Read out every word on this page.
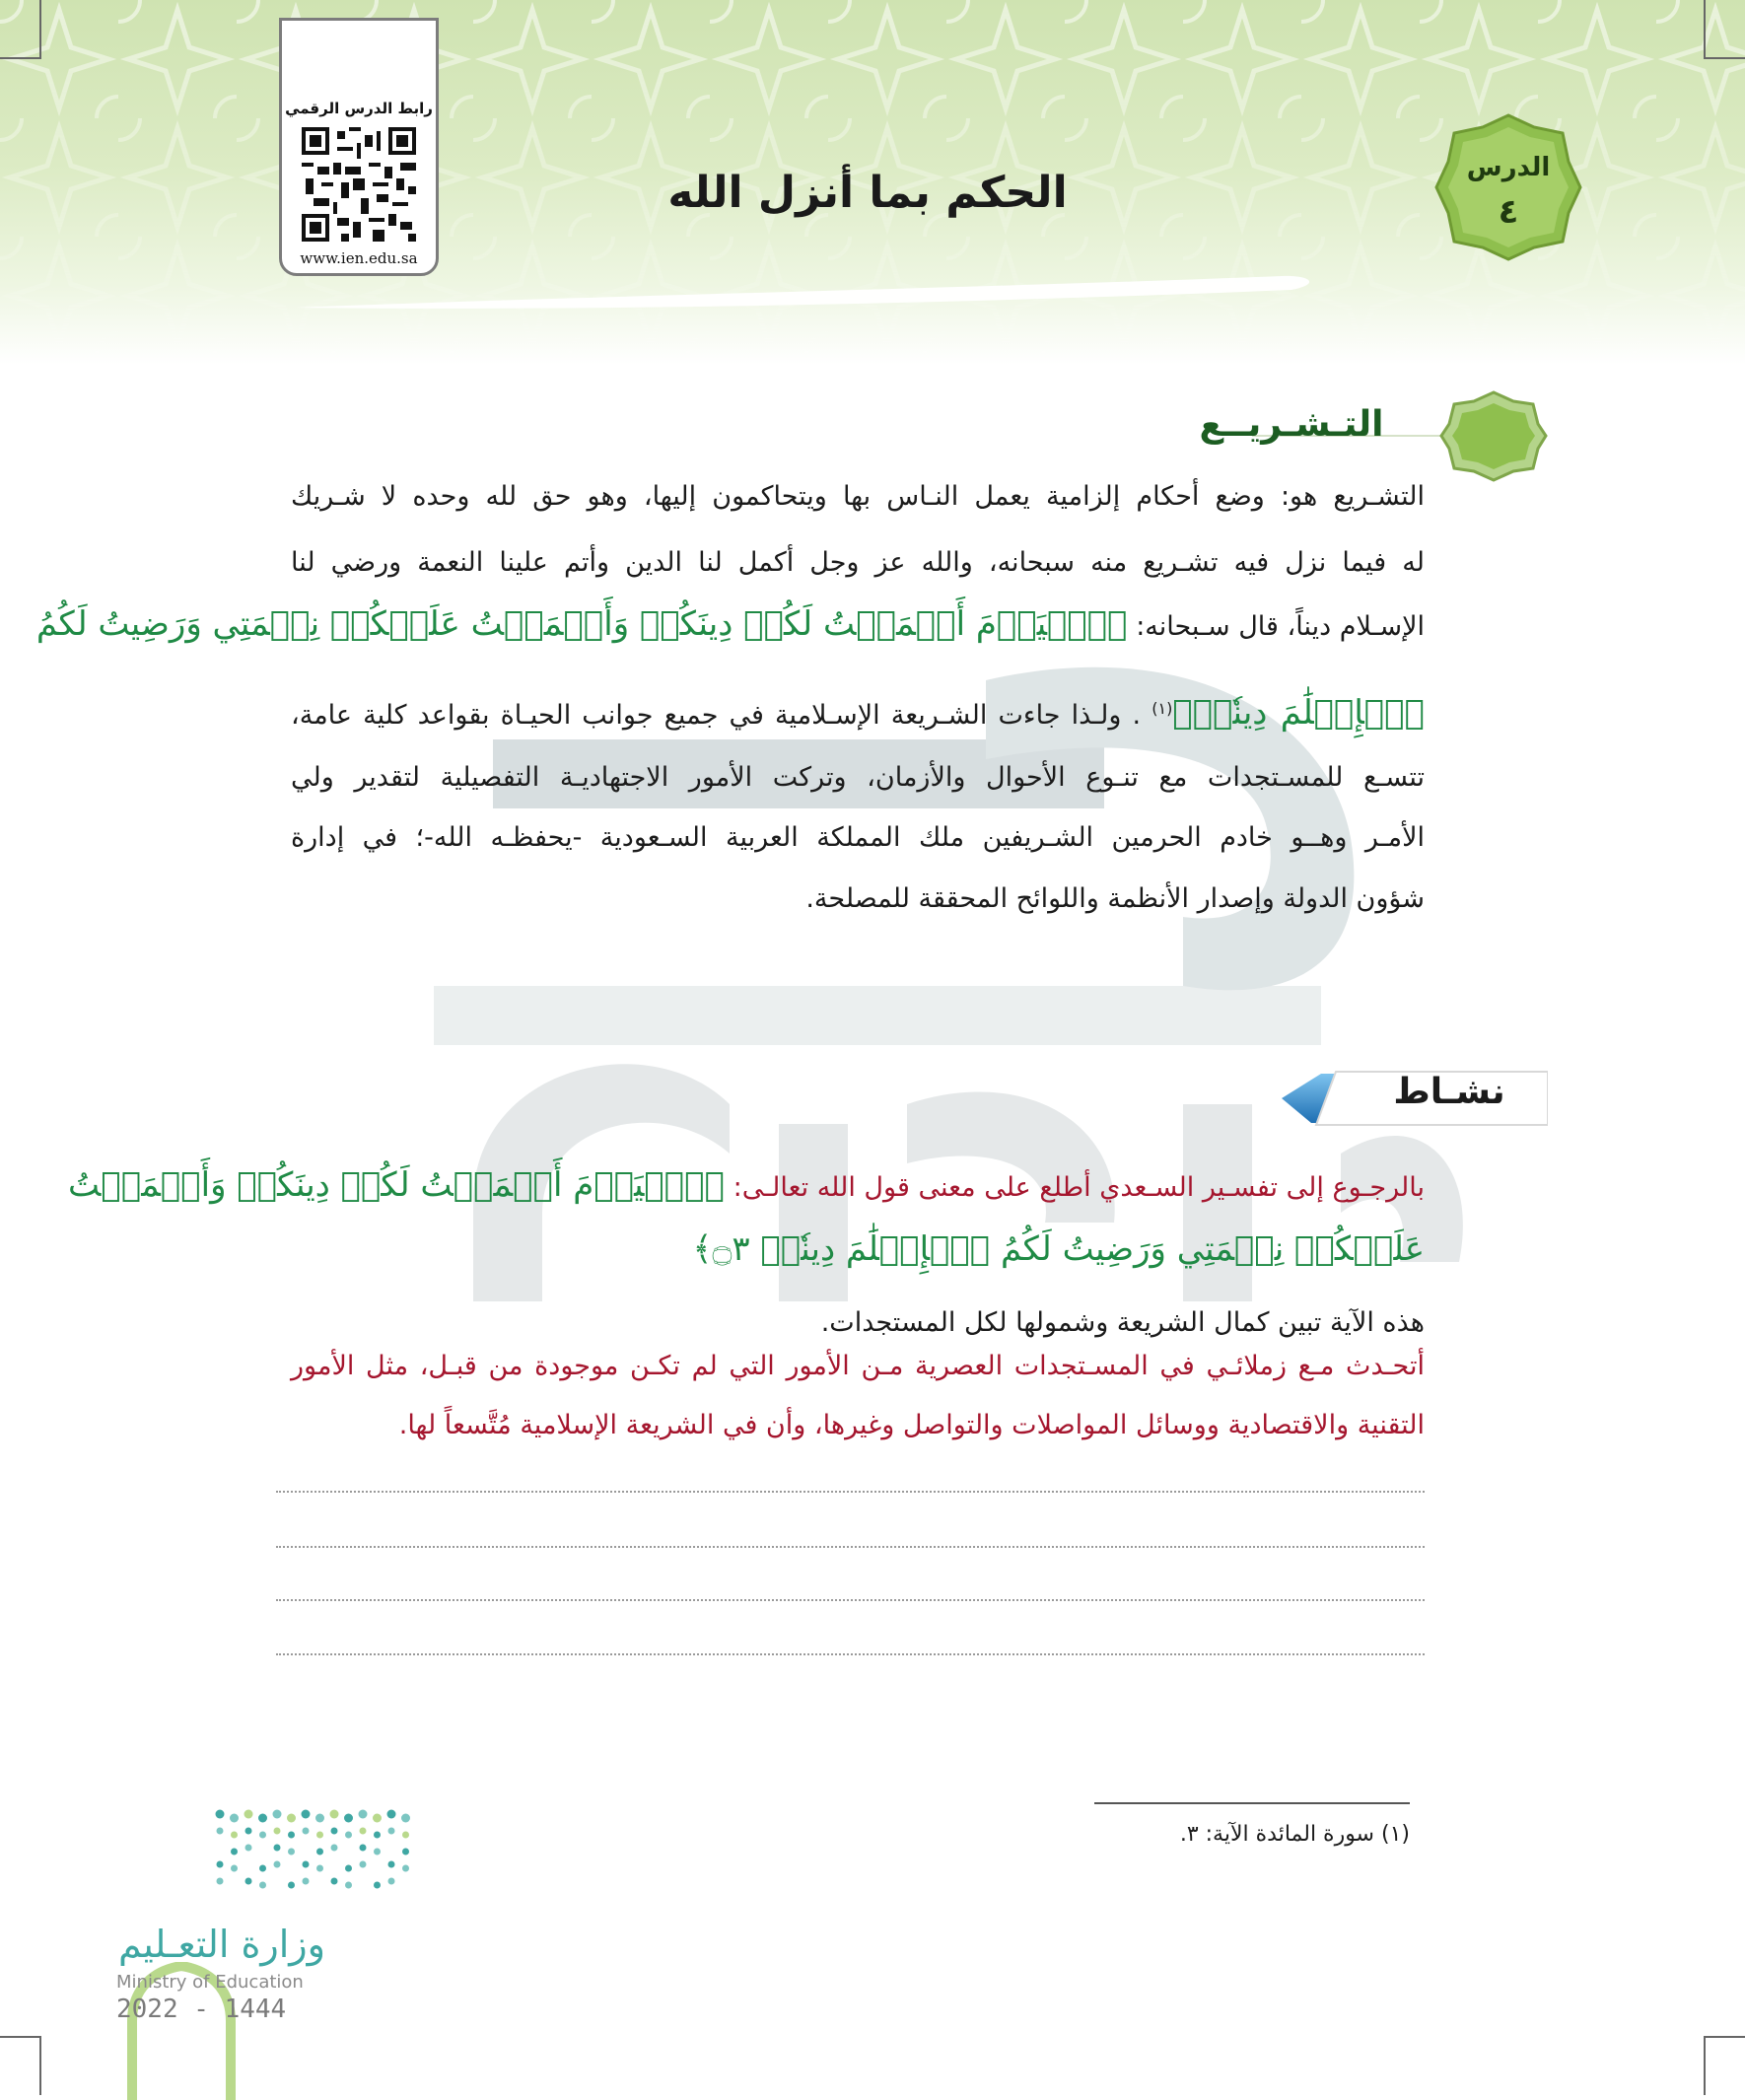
رابط الدرس الرقمي
www.ien.edu.sa
الحكم بما أنزل الله	الدرس
٤
التـشـريــع
التشـريع هو: وضع أحكام إلزامية يعمل النـاس بها ويتحاكمون إليها، وهو حق لله وحده لا شـريك
له فيما نزل فيه تشـريع منه سبحانه، والله عز وجل أكمل لنا الدين وأتم علينا النعمة ورضي لنا
الإسـلام ديناً، قال سـبحانه: ﴿ٱلۡيَوۡمَ أَكۡمَلۡتُ لَكُمۡ دِينَكُمۡ وَأَتۡمَمۡتُ عَلَيۡكُمۡ نِعۡمَتِي وَرَضِيتُ لَكُمُ
ٱلۡإِسۡلَٰمَ دِينٗاۚ﴾$^{(١)}$ . ولـذا جاءت الشـريعة الإسـلامية في جميع جوانب الحيـاة بقواعد كلية عامة،
تتسـع للمسـتجدات مع تنـوع الأحوال والأزمان، وتركت الأمور الاجتهاديـة التفصيلية لتقدير ولي
الأمـر وهــو خادم الحرمين الشـريفين ملك المملكة العربية السـعودية -يحفظـه الله-؛ في إدارة
شؤون الدولة وإصدار الأنظمة واللوائح المحققة للمصلحة.
نشـاط
بالرجـوع إلى تفسـير السـعدي أطلع على معنى قول الله تعالـى: ﴿ٱلۡيَوۡمَ أَكۡمَلۡتُ لَكُمۡ دِينَكُمۡ وَأَتۡمَمۡتُ
عَلَيۡكُمۡ نِعۡمَتِي وَرَضِيتُ لَكُمُ ٱلۡإِسۡلَٰمَ دِينٗاۚ ۝٣﴾
هذه الآية تبين كمال الشريعة وشمولها لكل المستجدات.
أتحـدث مـع زملائـي في المسـتجدات العصرية مـن الأمور التي لم تكـن موجودة من قبـل، مثل الأمور
التقنية والاقتصادية ووسائل المواصلات والتواصل وغيرها، وأن في الشريعة الإسلامية مُتَّسعاً لها.
(١) سورة المائدة الآية: ٣.
وزارة التعـليم
Ministry of Education
2022 - 1444
